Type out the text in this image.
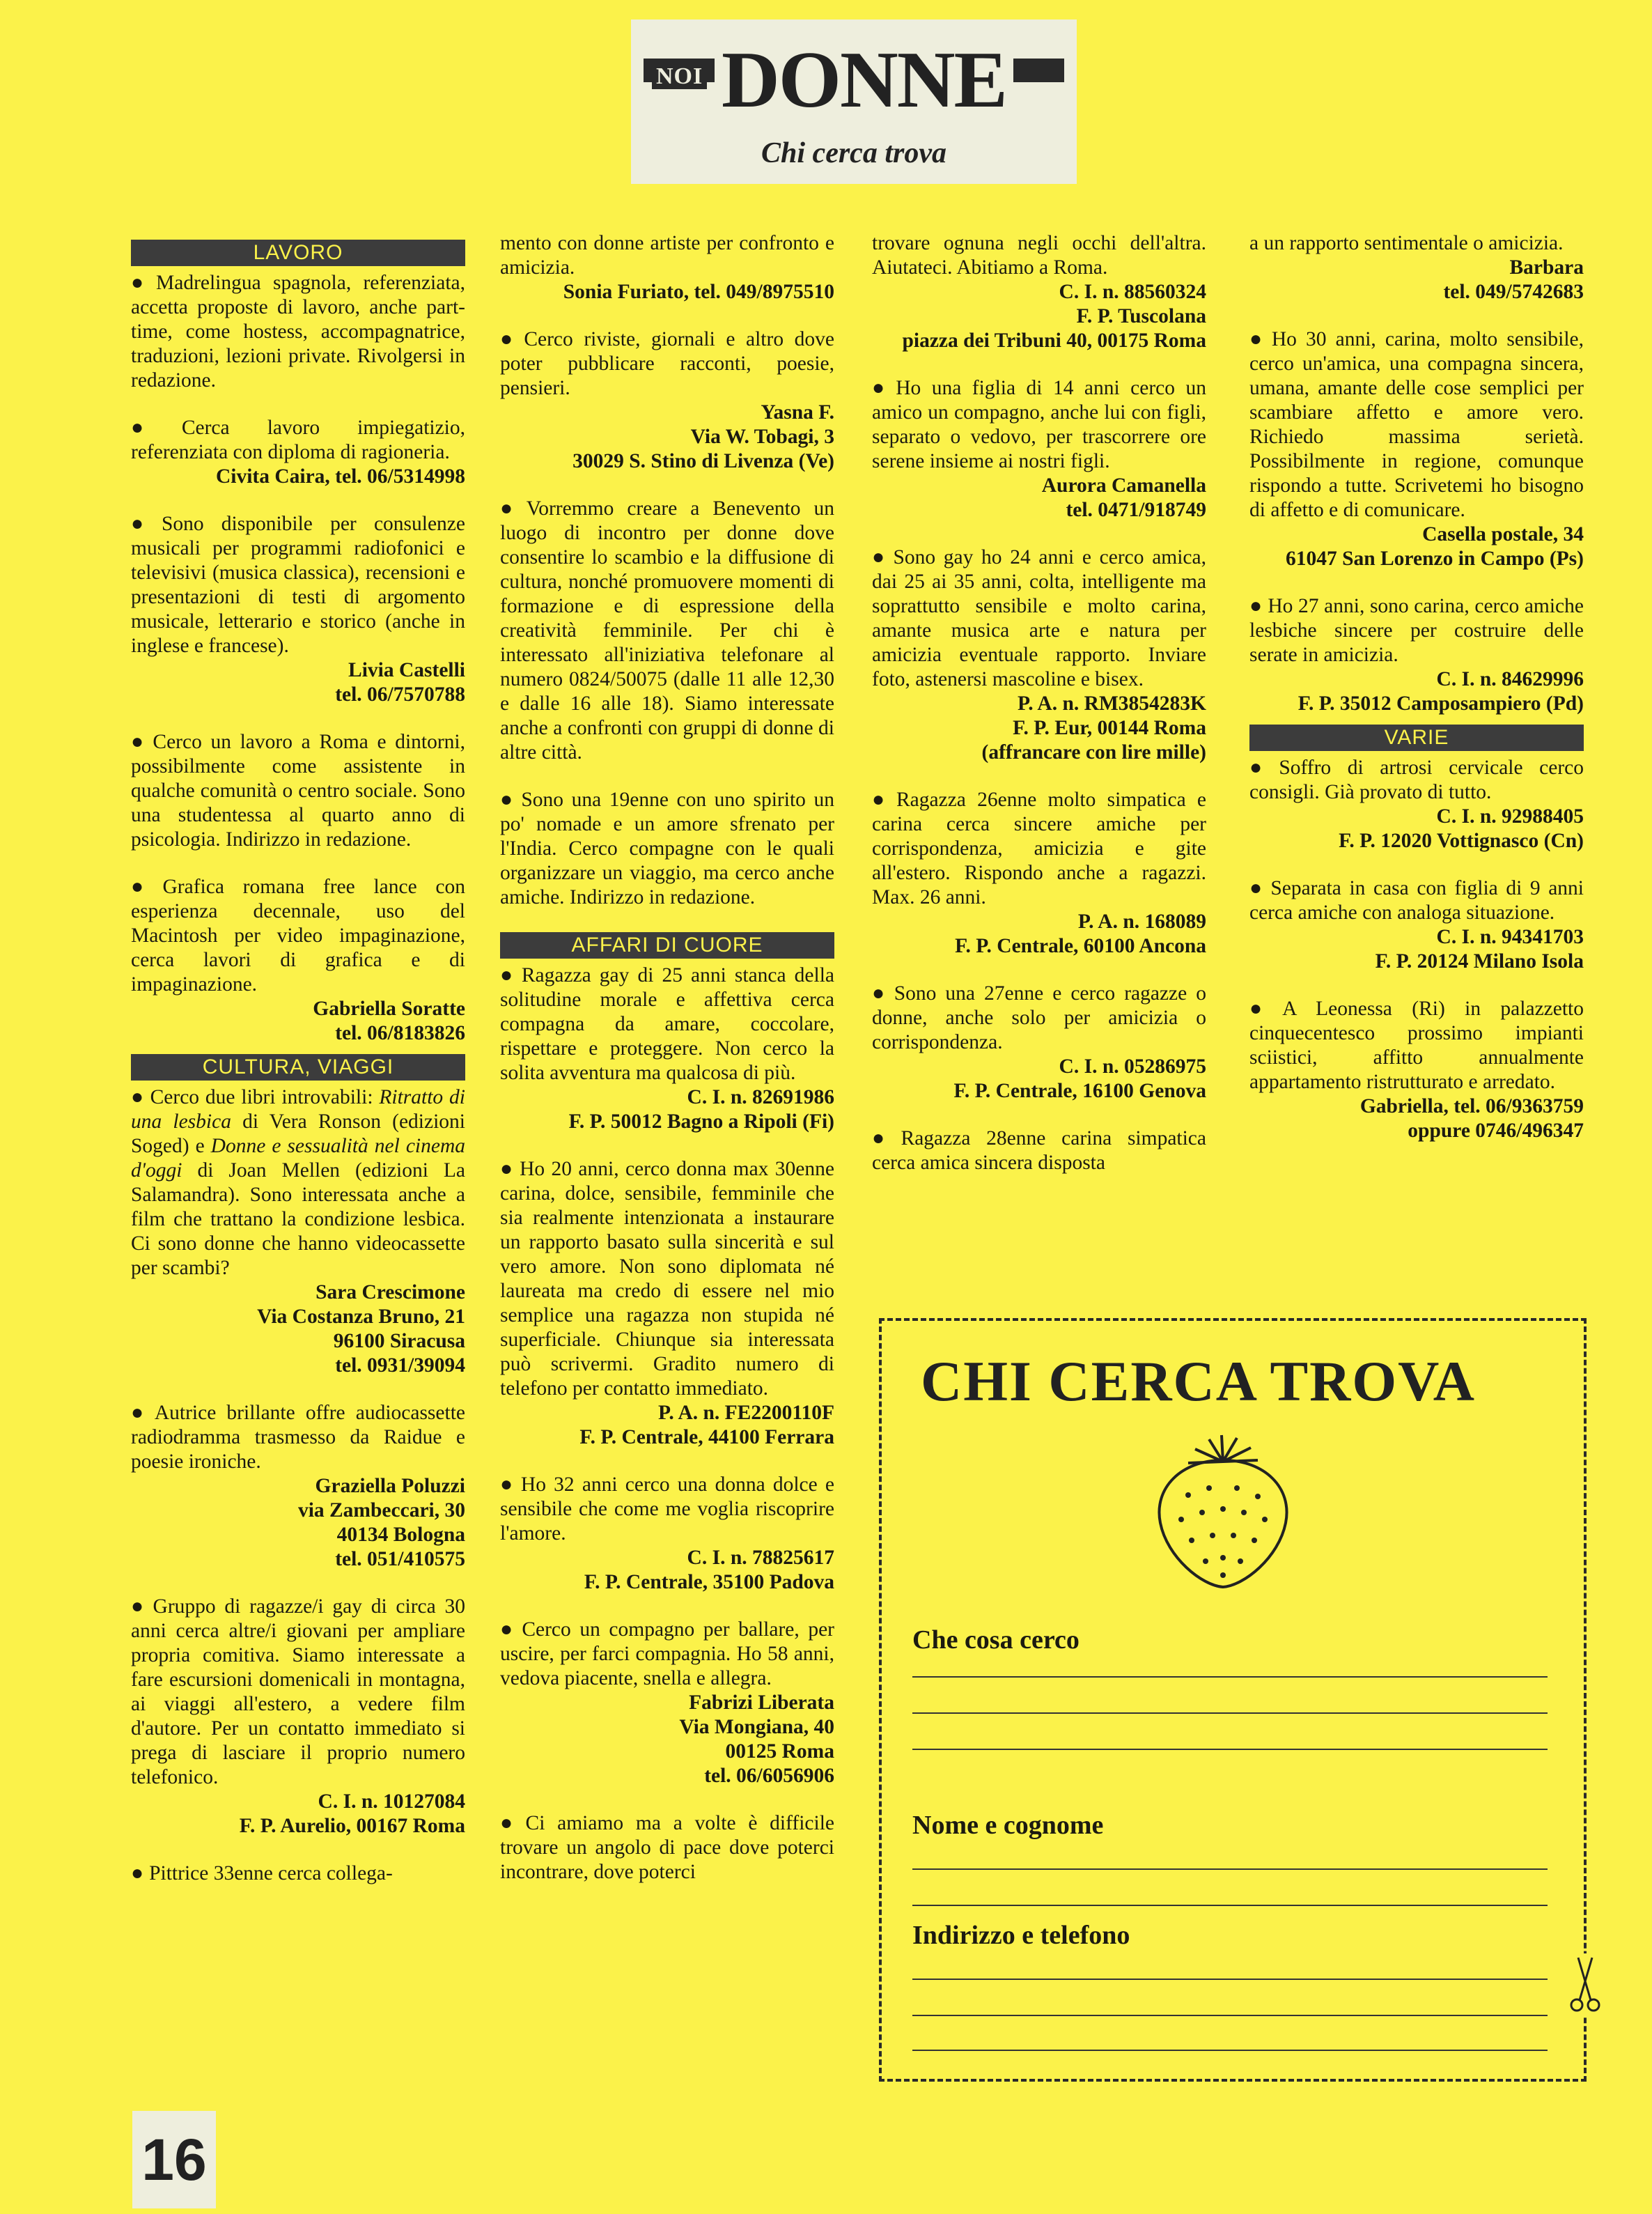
NOI DONNE
Chi cerca trova
LAVORO
● Madrelingua spagnola, referenziata, accetta proposte di lavoro, anche part-time, come hostess, accompagnatrice, traduzioni, lezioni private. Rivolgersi in redazione.
● Cerca lavoro impiegatizio, referenziata con diploma di ragioneria.
Civita Caira, tel. 06/5314998
● Sono disponibile per consulenze musicali per programmi radiofonici e televisivi (musica classica), recensioni e presentazioni di testi di argomento musicale, letterario e storico (anche in inglese e francese).
Livia Castelli
tel. 06/7570788
● Cerco un lavoro a Roma e dintorni, possibilmente come assistente in qualche comunità o centro sociale. Sono una studentessa al quarto anno di psicologia. Indirizzo in redazione.
● Grafica romana free lance con esperienza decennale, uso del Macintosh per video impaginazione, cerca lavori di grafica e di impaginazione.
Gabriella Soratte
tel. 06/8183826
CULTURA, VIAGGI
● Cerco due libri introvabili: Ritratto di una lesbica di Vera Ronson (edizioni Soged) e Donne e sessualità nel cinema d'oggi di Joan Mellen (edizioni La Salamandra). Sono interessata anche a film che trattano la condizione lesbica. Ci sono donne che hanno videocassette per scambi?
Sara Crescimone
Via Costanza Bruno, 21
96100 Siracusa
tel. 0931/39094
● Autrice brillante offre audiocassette radiodramma trasmesso da Raidue e poesie ironiche.
Graziella Poluzzi
via Zambeccari, 30
40134 Bologna
tel. 051/410575
● Gruppo di ragazze/i gay di circa 30 anni cerca altre/i giovani per ampliare propria comitiva. Siamo interessate a fare escursioni domenicali in montagna, ai viaggi all'estero, a vedere film d'autore. Per un contatto immediato si prega di lasciare il proprio numero telefonico.
C. I. n. 10127084
F. P. Aurelio, 00167 Roma
● Pittrice 33enne cerca collega-
mento con donne artiste per confronto e amicizia.
Sonia Furiato, tel. 049/8975510
● Cerco riviste, giornali e altro dove poter pubblicare racconti, poesie, pensieri.
Yasna F.
Via W. Tobagi, 3
30029 S. Stino di Livenza (Ve)
● Vorremmo creare a Benevento un luogo di incontro per donne dove consentire lo scambio e la diffusione di cultura, nonché promuovere momenti di formazione e di espressione della creatività femminile. Per chi è interessato all'iniziativa telefonare al numero 0824/50075 (dalle 11 alle 12,30 e dalle 16 alle 18). Siamo interessate anche a confronti con gruppi di donne di altre città.
● Sono una 19enne con uno spirito un po' nomade e un amore sfrenato per l'India. Cerco compagne con le quali organizzare un viaggio, ma cerco anche amiche. Indirizzo in redazione.
AFFARI DI CUORE
● Ragazza gay di 25 anni stanca della solitudine morale e affettiva cerca compagna da amare, coccolare, rispettare e proteggere. Non cerco la solita avventura ma qualcosa di più.
C. I. n. 82691986
F. P. 50012 Bagno a Ripoli (Fi)
● Ho 20 anni, cerco donna max 30enne carina, dolce, sensibile, femminile che sia realmente intenzionata a instaurare un rapporto basato sulla sincerità e sul vero amore. Non sono diplomata né laureata ma credo di essere nel mio semplice una ragazza non stupida né superficiale. Chiunque sia interessata può scrivermi. Gradito numero di telefono per contatto immediato.
P. A. n. FE2200110F
F. P. Centrale, 44100 Ferrara
● Ho 32 anni cerco una donna dolce e sensibile che come me voglia riscoprire l'amore.
C. I. n. 78825617
F. P. Centrale, 35100 Padova
● Cerco un compagno per ballare, per uscire, per farci compagnia. Ho 58 anni, vedova piacente, snella e allegra.
Fabrizi Liberata
Via Mongiana, 40
00125 Roma
tel. 06/6056906
● Ci amiamo ma a volte è difficile trovare un angolo di pace dove poterci incontrare, dove poterci
trovare ognuna negli occhi dell'altra. Aiutateci. Abitiamo a Roma.
C. I. n. 88560324
F. P. Tuscolana
piazza dei Tribuni 40, 00175 Roma
● Ho una figlia di 14 anni cerco un amico un compagno, anche lui con figli, separato o vedovo, per trascorrere ore serene insieme ai nostri figli.
Aurora Camanella
tel. 0471/918749
● Sono gay ho 24 anni e cerco amica, dai 25 ai 35 anni, colta, intelligente ma soprattutto sensibile e molto carina, amante musica arte e natura per amicizia eventuale rapporto. Inviare foto, astenersi mascoline e bisex.
P. A. n. RM3854283K
F. P. Eur, 00144 Roma
(affrancare con lire mille)
● Ragazza 26enne molto simpatica e carina cerca sincere amiche per corrispondenza, amicizia e gite all'estero. Rispondo anche a ragazzi. Max. 26 anni.
P. A. n. 168089
F. P. Centrale, 60100 Ancona
● Sono una 27enne e cerco ragazze o donne, anche solo per amicizia o corrispondenza.
C. I. n. 05286975
F. P. Centrale, 16100 Genova
● Ragazza 28enne carina simpatica cerca amica sincera disposta
a un rapporto sentimentale o amicizia.
Barbara
tel. 049/5742683
● Ho 30 anni, carina, molto sensibile, cerco un'amica, una compagna sincera, umana, amante delle cose semplici per scambiare affetto e amore vero. Richiedo massima serietà. Possibilmente in regione, comunque rispondo a tutte. Scrivetemi ho bisogno di affetto e di comunicare.
Casella postale, 34
61047 San Lorenzo in Campo (Ps)
● Ho 27 anni, sono carina, cerco amiche lesbiche sincere per costruire delle serate in amicizia.
C. I. n. 84629996
F. P. 35012 Camposampiero (Pd)
VARIE
● Soffro di artrosi cervicale cerco consigli. Già provato di tutto.
C. I. n. 92988405
F. P. 12020 Vottignasco (Cn)
● Separata in casa con figlia di 9 anni cerca amiche con analoga situazione.
C. I. n. 94341703
F. P. 20124 Milano Isola
● A Leonessa (Ri) in palazzetto cinquecentesco prossimo impianti sciistici, affitto annualmente appartamento ristrutturato e arredato.
Gabriella, tel. 06/9363759
oppure 0746/496347
CHI CERCA TROVA
Che cosa cerco
Nome e cognome
Indirizzo e telefono
16
